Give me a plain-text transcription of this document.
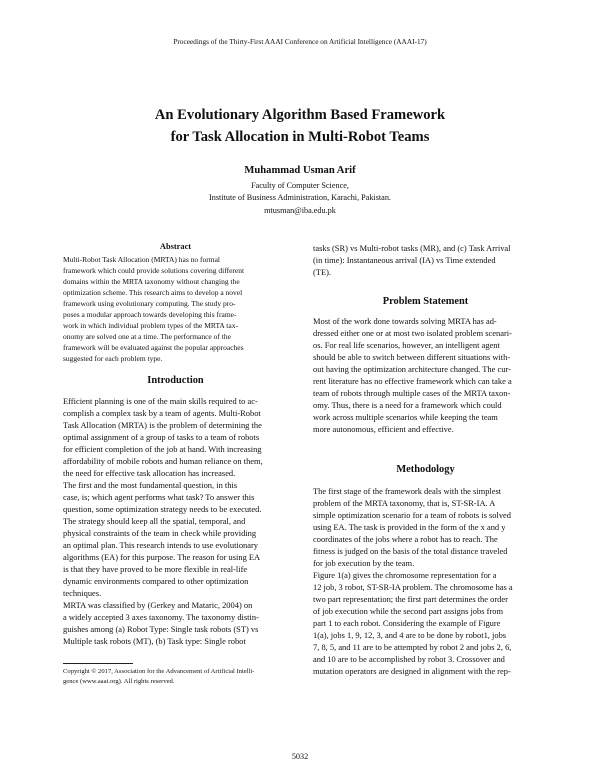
Proceedings of the Thirty-First AAAI Conference on Artificial Intelligence (AAAI-17)
An Evolutionary Algorithm Based Framework
for Task Allocation in Multi-Robot Teams
Muhammad Usman Arif
Faculty of Computer Science,
Institute of Business Administration, Karachi, Pakistan.
mtusman@iba.edu.pk
Abstract
Multi-Robot Task Allocation (MRTA) has no formal
framework which could provide solutions covering different
domains within the MRTA taxonomy without changing the
optimization scheme. This research aims to develop a novel
framework using evolutionary computing. The study pro-
poses a modular approach towards developing this frame-
work in which individual problem types of the MRTA tax-
onomy are solved one at a time. The performance of the
framework will be evaluated against the popular approaches
suggested for each problem type.
Introduction
Efficient planning is one of the main skills required to ac-
complish a complex task by a team of agents. Multi-Robot
Task Allocation (MRTA) is the problem of determining the
optimal assignment of a group of tasks to a team of robots
for efficient completion of the job at hand. With increasing
affordability of mobile robots and human reliance on them,
the need for effective task allocation has increased.
The first and the most fundamental question, in this
case, is; which agent performs what task? To answer this
question, some optimization strategy needs to be executed.
The strategy should keep all the spatial, temporal, and
physical constraints of the team in check while providing
an optimal plan. This research intends to use evolutionary
algorithms (EA) for this purpose. The reason for using EA
is that they have proved to be more flexible in real-life
dynamic environments compared to other optimization
techniques.
MRTA was classified by (Gerkey and Mataric, 2004) on
a widely accepted 3 axes taxonomy. The taxonomy distin-
guishes among (a) Robot Type: Single task robots (ST) vs
Multiple task robots (MT), (b) Task type: Single robot
Copyright © 2017, Association for the Advancement of Artificial Intelli-
gence (www.aaai.org). All rights reserved.
tasks (SR) vs Multi-robot tasks (MR), and (c) Task Arrival
(in time): Instantaneous arrival (IA) vs Time extended
(TE).
Problem Statement
Most of the work done towards solving MRTA has ad-
dressed either one or at most two isolated problem scenari-
os. For real life scenarios, however, an intelligent agent
should be able to switch between different situations with-
out having the optimization architecture changed. The cur-
rent literature has no effective framework which can take a
team of robots through multiple cases of the MRTA taxon-
omy. Thus, there is a need for a framework which could
work across multiple scenarios while keeping the team
more autonomous, efficient and effective.
Methodology
The first stage of the framework deals with the simplest
problem of the MRTA taxonomy, that is, ST-SR-IA. A
simple optimization scenario for a team of robots is solved
using EA. The task is provided in the form of the x and y
coordinates of the jobs where a robot has to reach. The
fitness is judged on the basis of the total distance traveled
for job execution by the team.
Figure 1(a) gives the chromosome representation for a
12 job, 3 robot, ST-SR-IA problem. The chromosome has a
two part representation; the first part determines the order
of job execution while the second part assigns jobs from
part 1 to each robot. Considering the example of Figure
1(a), jobs 1, 9, 12, 3, and 4 are to be done by robot1, jobs
7, 8, 5, and 11 are to be attempted by robot 2 and jobs 2, 6,
and 10 are to be accomplished by robot 3. Crossover and
mutation operators are designed in alignment with the rep-
5032
